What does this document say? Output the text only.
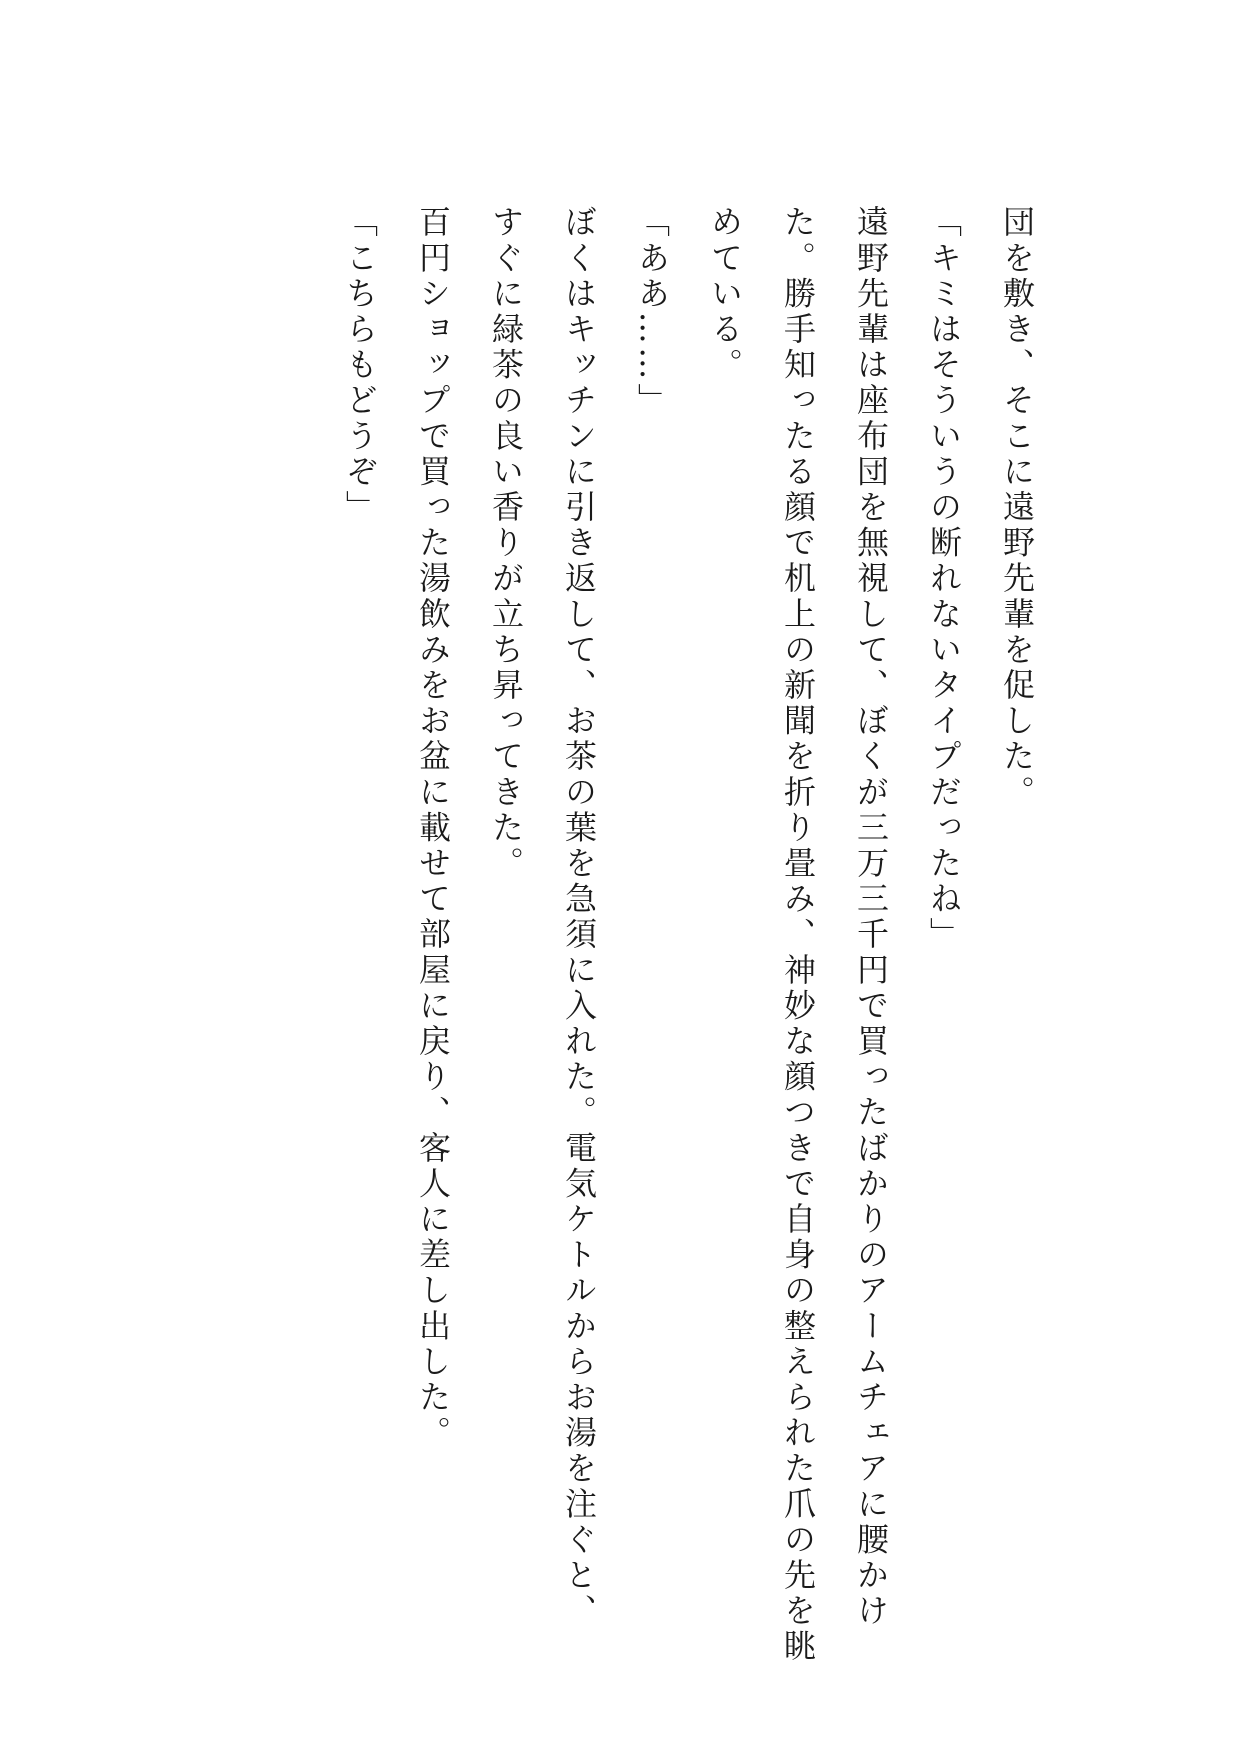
団を敷き、そこに遠野先輩を促した。
「キミはそういうの断れないタイプだったね」
遠野先輩は座布団を無視して、ぼくが三万三千円で買ったばかりのアームチェアに腰かけ
た。勝手知ったる顔で机上の新聞を折り畳み、神妙な顔つきで自身の整えられた爪の先を眺
めている。
「ああ……」
ぼくはキッチンに引き返して、お茶の葉を急須に入れた。電気ケトルからお湯を注ぐと、
すぐに緑茶の良い香りが立ち昇ってきた。
百円ショップで買った湯飲みをお盆に載せて部屋に戻り、客人に差し出した。
「こちらもどうぞ」
